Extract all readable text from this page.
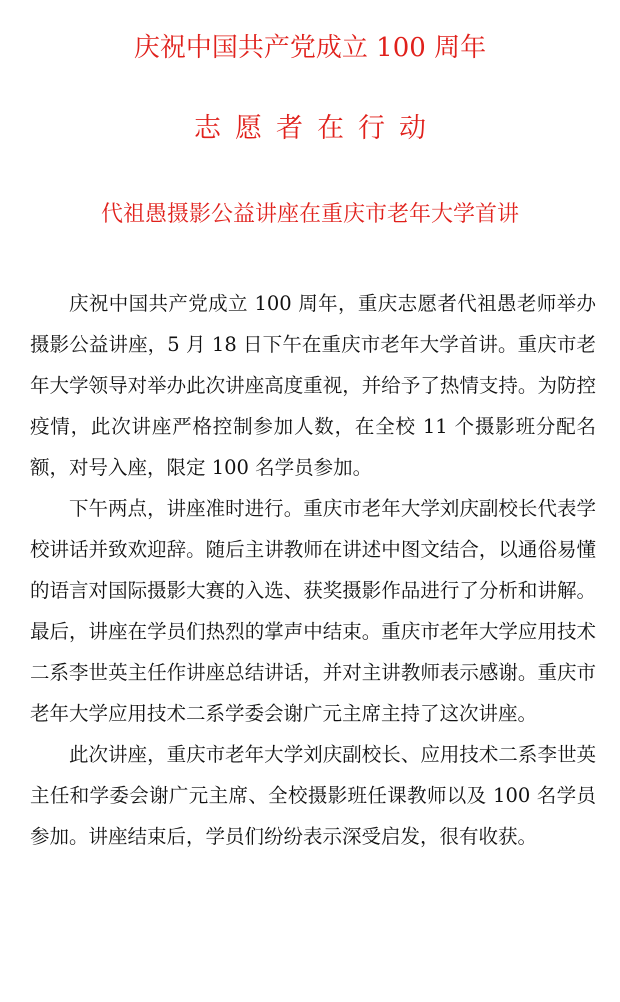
庆祝中国共产党成立 100 周年
志愿者在行动
代祖愚摄影公益讲座在重庆市老年大学首讲

庆祝中国共产党成立 100 周年，重庆志愿者代祖愚老师举办摄影公益讲座，5 月 18 日下午在重庆市老年大学首讲。重庆市老年大学领导对举办此次讲座高度重视，并给予了热情支持。为防控疫情，此次讲座严格控制参加人数，在全校 11 个摄影班分配名额，对号入座，限定 100 名学员参加。

下午两点，讲座准时进行。重庆市老年大学刘庆副校长代表学校讲话并致欢迎辞。随后主讲教师在讲述中图文结合，以通俗易懂的语言对国际摄影大赛的入选、获奖摄影作品进行了分析和讲解。最后，讲座在学员们热烈的掌声中结束。重庆市老年大学应用技术二系李世英主任作讲座总结讲话，并对主讲教师表示感谢。重庆市老年大学应用技术二系学委会谢广元主席主持了这次讲座。

此次讲座，重庆市老年大学刘庆副校长、应用技术二系李世英主任和学委会谢广元主席、全校摄影班任课教师以及 100 名学员参加。讲座结束后，学员们纷纷表示深受启发，很有收获。
